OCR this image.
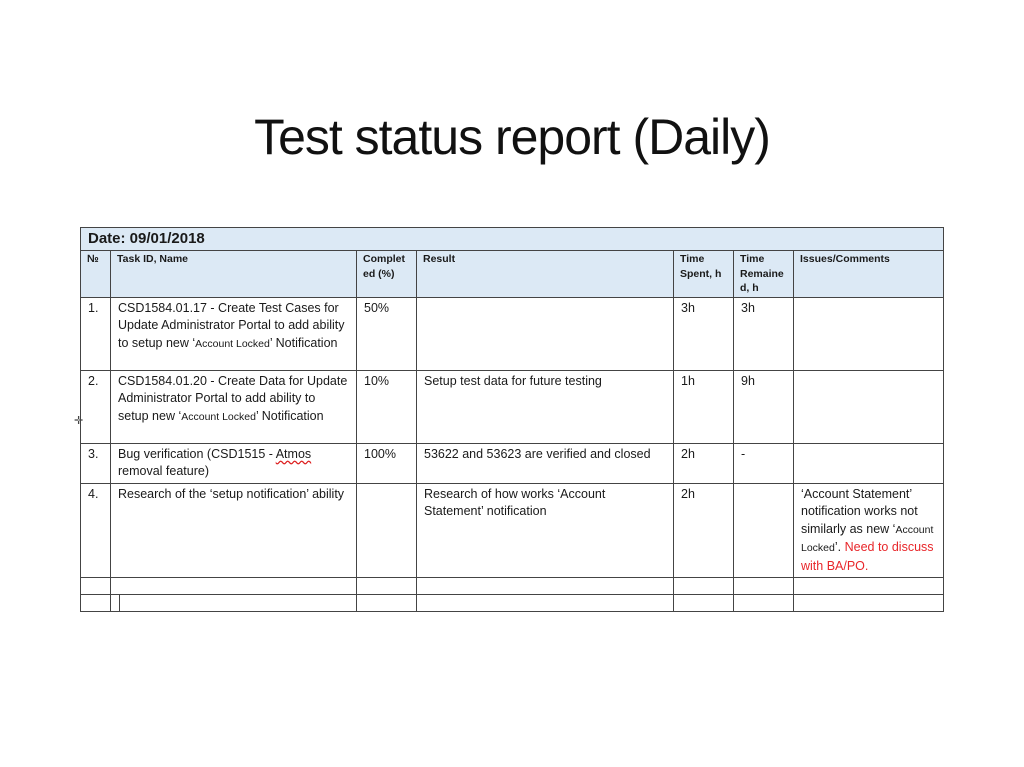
Test status report (Daily)
✛
Date: 09/01/2018						
№	Task ID, Name	Complet ed (%)	Result	Time Spent, h	Time Remaine d, h	Issues/Comments
1.	CSD1584.01.17 - Create Test Cases for Update Administrator Portal to add ability to setup new ‘Account Locked’ Notification	50%		3h	3h	
2.	CSD1584.01.20 - Create Data for Update Administrator Portal to add ability to setup new ‘Account Locked’ Notification	10%	Setup test data for future testing	1h	9h	
3.	Bug verification (CSD1515 - Atmos removal feature)	100%	53622 and 53623 are verified and closed	2h	-	
4.	Research of the ‘setup notification’ ability		Research of how works ‘Account Statement’ notification	2h		‘Account Statement’ notification works not similarly as new ‘Account Locked’. Need to discuss with BA/PO.
